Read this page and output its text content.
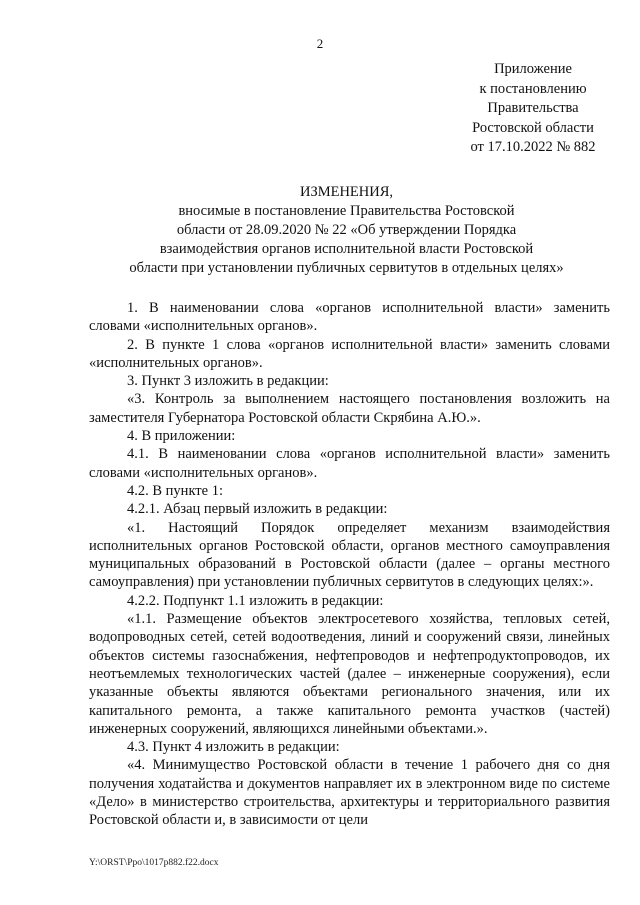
2
Приложение
к постановлению
Правительства
Ростовской области
от 17.10.2022 № 882
ИЗМЕНЕНИЯ,
вносимые в постановление Правительства Ростовской
области от 28.09.2020 № 22 «Об утверждении Порядка
взаимодействия органов исполнительной власти Ростовской
области при установлении публичных сервитутов в отдельных целях»

1. В наименовании слова «органов исполнительной власти» заменить словами «исполнительных органов».

2. В пункте 1 слова «органов исполнительной власти» заменить словами «исполнительных органов».

3. Пункт 3 изложить в редакции:

«3. Контроль за выполнением настоящего постановления возложить на заместителя Губернатора Ростовской области Скрябина А.Ю.».

4. В приложении:

4.1. В наименовании слова «органов исполнительной власти» заменить словами «исполнительных органов».

4.2. В пункте 1:

4.2.1. Абзац первый изложить в редакции:

«1. Настоящий Порядок определяет механизм взаимодействия исполнительных органов Ростовской области, органов местного самоуправления муниципальных образований в Ростовской области (далее – органы местного самоуправления) при установлении публичных сервитутов в следующих целях:».

4.2.2. Подпункт 1.1 изложить в редакции:

«1.1. Размещение объектов электросетевого хозяйства, тепловых сетей, водопроводных сетей, сетей водоотведения, линий и сооружений связи, линейных объектов системы газоснабжения, нефтепроводов и нефтепродуктопроводов, их неотъемлемых технологических частей (далее – инженерные сооружения), если указанные объекты являются объектами регионального значения, или их капитального ремонта, а также капитального ремонта участков (частей) инженерных сооружений, являющихся линейными объектами.».

4.3. Пункт 4 изложить в редакции:

«4. Минимущество Ростовской области в течение 1 рабочего дня со дня получения ходатайства и документов направляет их в электронном виде по системе «Дело» в министерство строительства, архитектуры и территориального развития Ростовской области и, в зависимости от цели

Y:\ORST\Ppo\1017p882.f22.docx
